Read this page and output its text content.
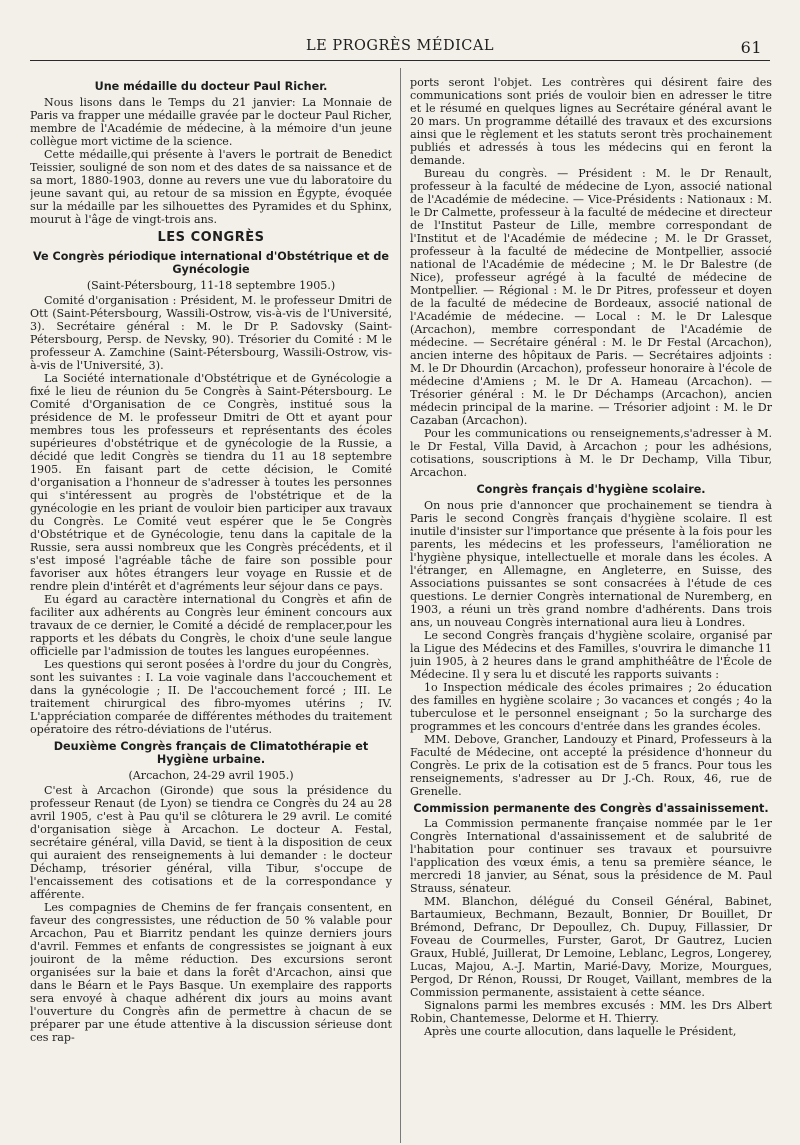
LE PROGRÈS MÉDICAL	61
Une médaille du docteur Paul Richer.

Nous lisons dans le Temps du 21 janvier: La Monnaie de Paris va frapper une médaille gravée par le docteur Paul Richer, membre de l'Académie de médecine, à la mémoire d'un jeune collègue mort victime de la science.

Cette médaille,qui présente à l'avers le portrait de Benedict Teissier, souligné de son nom et des dates de sa naissance et de sa mort, 1880-1903, donne au revers une vue du laboratoire du jeune savant qui, au retour de sa mission en Égypte, évoquée sur la médaille par les silhouettes des Pyramides et du Sphinx, mourut à l'âge de vingt-trois ans.

LES CONGRÈS
Ve Congrès périodique international d'Obstétrique et de Gynécologie
(Saint-Pétersbourg, 11-18 septembre 1905.)

Comité d'organisation : Président, M. le professeur Dmitri de Ott (Saint-Pétersbourg, Wassili-Ostrow, vis-à-vis de l'Université, 3). Secrétaire général : M. le Dr P. Sadovsky (Saint-Pétersbourg, Persp. de Nevsky, 90). Trésorier du Comité : M le professeur A. Zamchine (Saint-Pétersbourg, Wassili-Ostrow, vis-à-vis de l'Université, 3).

La Société internationale d'Obstétrique et de Gynécologie a fixé le lieu de réunion du 5e Congrès à Saint-Pétersbourg. Le Comité d'Organisation de ce Congrès, institué sous la présidence de M. le professeur Dmitri de Ott et ayant pour membres tous les professeurs et représentants des écoles supérieures d'obstétrique et de gynécologie de la Russie, a décidé que ledit Congrès se tiendra du 11 au 18 septembre 1905. En faisant part de cette décision, le Comité d'organisation a l'honneur de s'adresser à toutes les personnes qui s'intéressent au progrès de l'obstétrique et de la gynécologie en les priant de vouloir bien participer aux travaux du Congrès. Le Comité veut espérer que le 5e Congrès d'Obstétrique et de Gynécologie, tenu dans la capitale de la Russie, sera aussi nombreux que les Congrès précédents, et il s'est imposé l'agréable tâche de faire son possible pour favoriser aux hôtes étrangers leur voyage en Russie et de rendre plein d'intérêt et d'agréments leur séjour dans ce pays.

Eu égard au caractère international du Congrès et afin de faciliter aux adhérents au Congrès leur éminent concours aux travaux de ce dernier, le Comité a décidé de remplacer,pour les rapports et les débats du Congrès, le choix d'une seule langue officielle par l'admission de toutes les langues européennes.

Les questions qui seront posées à l'ordre du jour du Congrès, sont les suivantes : I. La voie vaginale dans l'accouchement et dans la gynécologie ; II. De l'accouchement forcé ; III. Le traitement chirurgical des fibro-myomes utérins ; IV. L'appréciation comparée de différentes méthodes du traitement opératoire des rétro-déviations de l'utérus.

Deuxième Congrès français de Climatothérapie et Hygiène urbaine.
(Arcachon, 24-29 avril 1905.)

C'est à Arcachon (Gironde) que sous la présidence du professeur Renaut (de Lyon) se tiendra ce Congrès du 24 au 28 avril 1905, c'est à Pau qu'il se clôturera le 29 avril. Le comité d'organisation siège à Arcachon. Le docteur A. Festal, secrétaire général, villa David, se tient à la disposition de ceux qui auraient des renseignements à lui demander : le docteur Déchamp, trésorier général, villa Tibur, s'occupe de l'encaissement des cotisations et de la correspondance y afférente.

Les compagnies de Chemins de fer français consentent, en faveur des congressistes, une réduction de 50 % valable pour Arcachon, Pau et Biarritz pendant les quinze derniers jours d'avril. Femmes et enfants de congressistes se joignant à eux jouiront de la même réduction. Des excursions seront organisées sur la baie et dans la forêt d'Arcachon, ainsi que dans le Béarn et le Pays Basque. Un exemplaire des rapports sera envoyé à chaque adhérent dix jours au moins avant l'ouverture du Congrès afin de permettre à chacun de se préparer par une étude attentive à la discussion sérieuse dont ces rap-

ports seront l'objet. Les contrères qui désirent faire des communications sont priés de vouloir bien en adresser le titre et le résumé en quelques lignes au Secrétaire général avant le 20 mars. Un programme détaillé des travaux et des excursions ainsi que le règlement et les statuts seront très prochainement publiés et adressés à tous les médecins qui en feront la demande.

Bureau du congrès. — Président : M. le Dr Renault, professeur à la faculté de médecine de Lyon, associé national de l'Académie de médecine. — Vice-Présidents : Nationaux : M. le Dr Calmette, professeur à la faculté de médecine et directeur de l'Institut Pasteur de Lille, membre correspondant de l'Institut et de l'Académie de médecine ; M. le Dr Grasset, professeur à la faculté de médecine de Montpellier, associé national de l'Académie de médecine ; M. le Dr Balestre (de Nice), professeur agrégé à la faculté de médecine de Montpellier. — Régional : M. le Dr Pitres, professeur et doyen de la faculté de médecine de Bordeaux, associé national de l'Académie de médecine. — Local : M. le Dr Lalesque (Arcachon), membre correspondant de l'Académie de médecine. — Secrétaire général : M. le Dr Festal (Arcachon), ancien interne des hôpitaux de Paris. — Secrétaires adjoints : M. le Dr Dhourdin (Arcachon), professeur honoraire à l'école de médecine d'Amiens ; M. le Dr A. Hameau (Arcachon). — Trésorier général : M. le Dr Déchamps (Arcachon), ancien médecin principal de la marine. — Trésorier adjoint : M. le Dr Cazaban (Arcachon).

Pour les communications ou renseignements,s'adresser à M. le Dr Festal, Villa David, à Arcachon ; pour les adhésions, cotisations, souscriptions à M. le Dr Dechamp, Villa Tibur, Arcachon.

Congrès français d'hygiène scolaire.

On nous prie d'annoncer que prochainement se tiendra à Paris le second Congrès français d'hygiène scolaire. Il est inutile d'insister sur l'importance que présente à la fois pour les parents, les médecins et les professeurs, l'amélioration ne l'hygiène physique, intellectuelle et morale dans les écoles. A l'étranger, en Allemagne, en Angleterre, en Suisse, des Associations puissantes se sont consacrées à l'étude de ces questions. Le dernier Congrès international de Nuremberg, en 1903, a réuni un très grand nombre d'adhérents. Dans trois ans, un nouveau Congrès international aura lieu à Londres.

Le second Congrès français d'hygiène scolaire, organisé par la Ligue des Médecins et des Familles, s'ouvrira le dimanche 11 juin 1905, à 2 heures dans le grand amphithéâtre de l'École de Médecine. Il y sera lu et discuté les rapports suivants :

1o Inspection médicale des écoles primaires ; 2o éducation des familles en hygiène scolaire ; 3o vacances et congés ; 4o la tuberculose et le personnel enseignant ; 5o la surcharge des programmes et les concours d'entrée dans les grandes écoles.

MM. Debove, Grancher, Landouzy et Pinard, Professeurs à la Faculté de Médecine, ont accepté la présidence d'honneur du Congrès. Le prix de la cotisation est de 5 francs. Pour tous les renseignements, s'adresser au Dr J.-Ch. Roux, 46, rue de Grenelle.

Commission permanente des Congrès d'assainissement.

La Commission permanente française nommée par le 1er Congrès International d'assainissement et de salubrité de l'habitation pour continuer ses travaux et poursuivre l'application des vœux émis, a tenu sa première séance, le mercredi 18 janvier, au Sénat, sous la présidence de M. Paul Strauss, sénateur.

MM. Blanchon, délégué du Conseil Général, Babinet, Bartaumieux, Bechmann, Bezault, Bonnier, Dr Bouillet, Dr Brémond, Defranc, Dr Depoullez, Ch. Dupuy, Fillassier, Dr Foveau de Courmelles, Furster, Garot, Dr Gautrez, Lucien Graux, Hublé, Juillerat, Dr Lemoine, Leblanc, Legros, Longerey, Lucas, Majou, A.-J. Martin, Marié-Davy, Morize, Mourgues, Pergod, Dr Rénon, Roussi, Dr Rouget, Vaillant, membres de la Commission permanente, assistaient à cette séance.

Signalons parmi les membres excusés : MM. les Drs Albert Robin, Chantemesse, Delorme et H. Thierry.

Après une courte allocution, dans laquelle le Président,
